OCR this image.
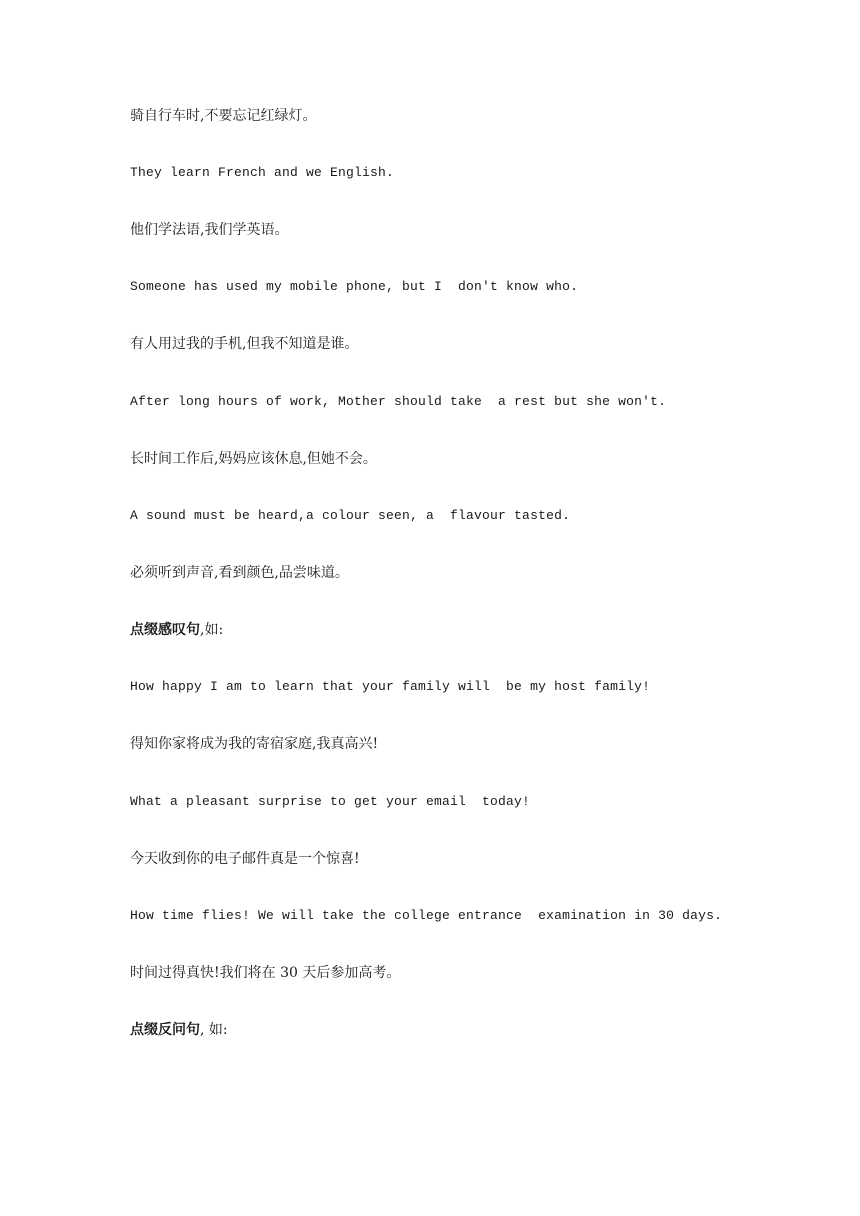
骑自行车时,不要忘记红绿灯。
They learn French and we English.
他们学法语,我们学英语。
Someone has used my mobile phone, but I  don't know who.
有人用过我的手机,但我不知道是谁。
After long hours of work, Mother should take  a rest but she won't.
长时间工作后,妈妈应该休息,但她不会。
A sound must be heard,a colour seen, a  flavour tasted.
必须听到声音,看到颜色,品尝味道。
点缀感叹句,如:
How happy I am to learn that your family will  be my host family!
得知你家将成为我的寄宿家庭,我真高兴!
What a pleasant surprise to get your email  today!
今天收到你的电子邮件真是一个惊喜!
How time flies! We will take the college entrance  examination in 30 days.
时间过得真快!我们将在 30 天后参加高考。
点缀反问句, 如:
